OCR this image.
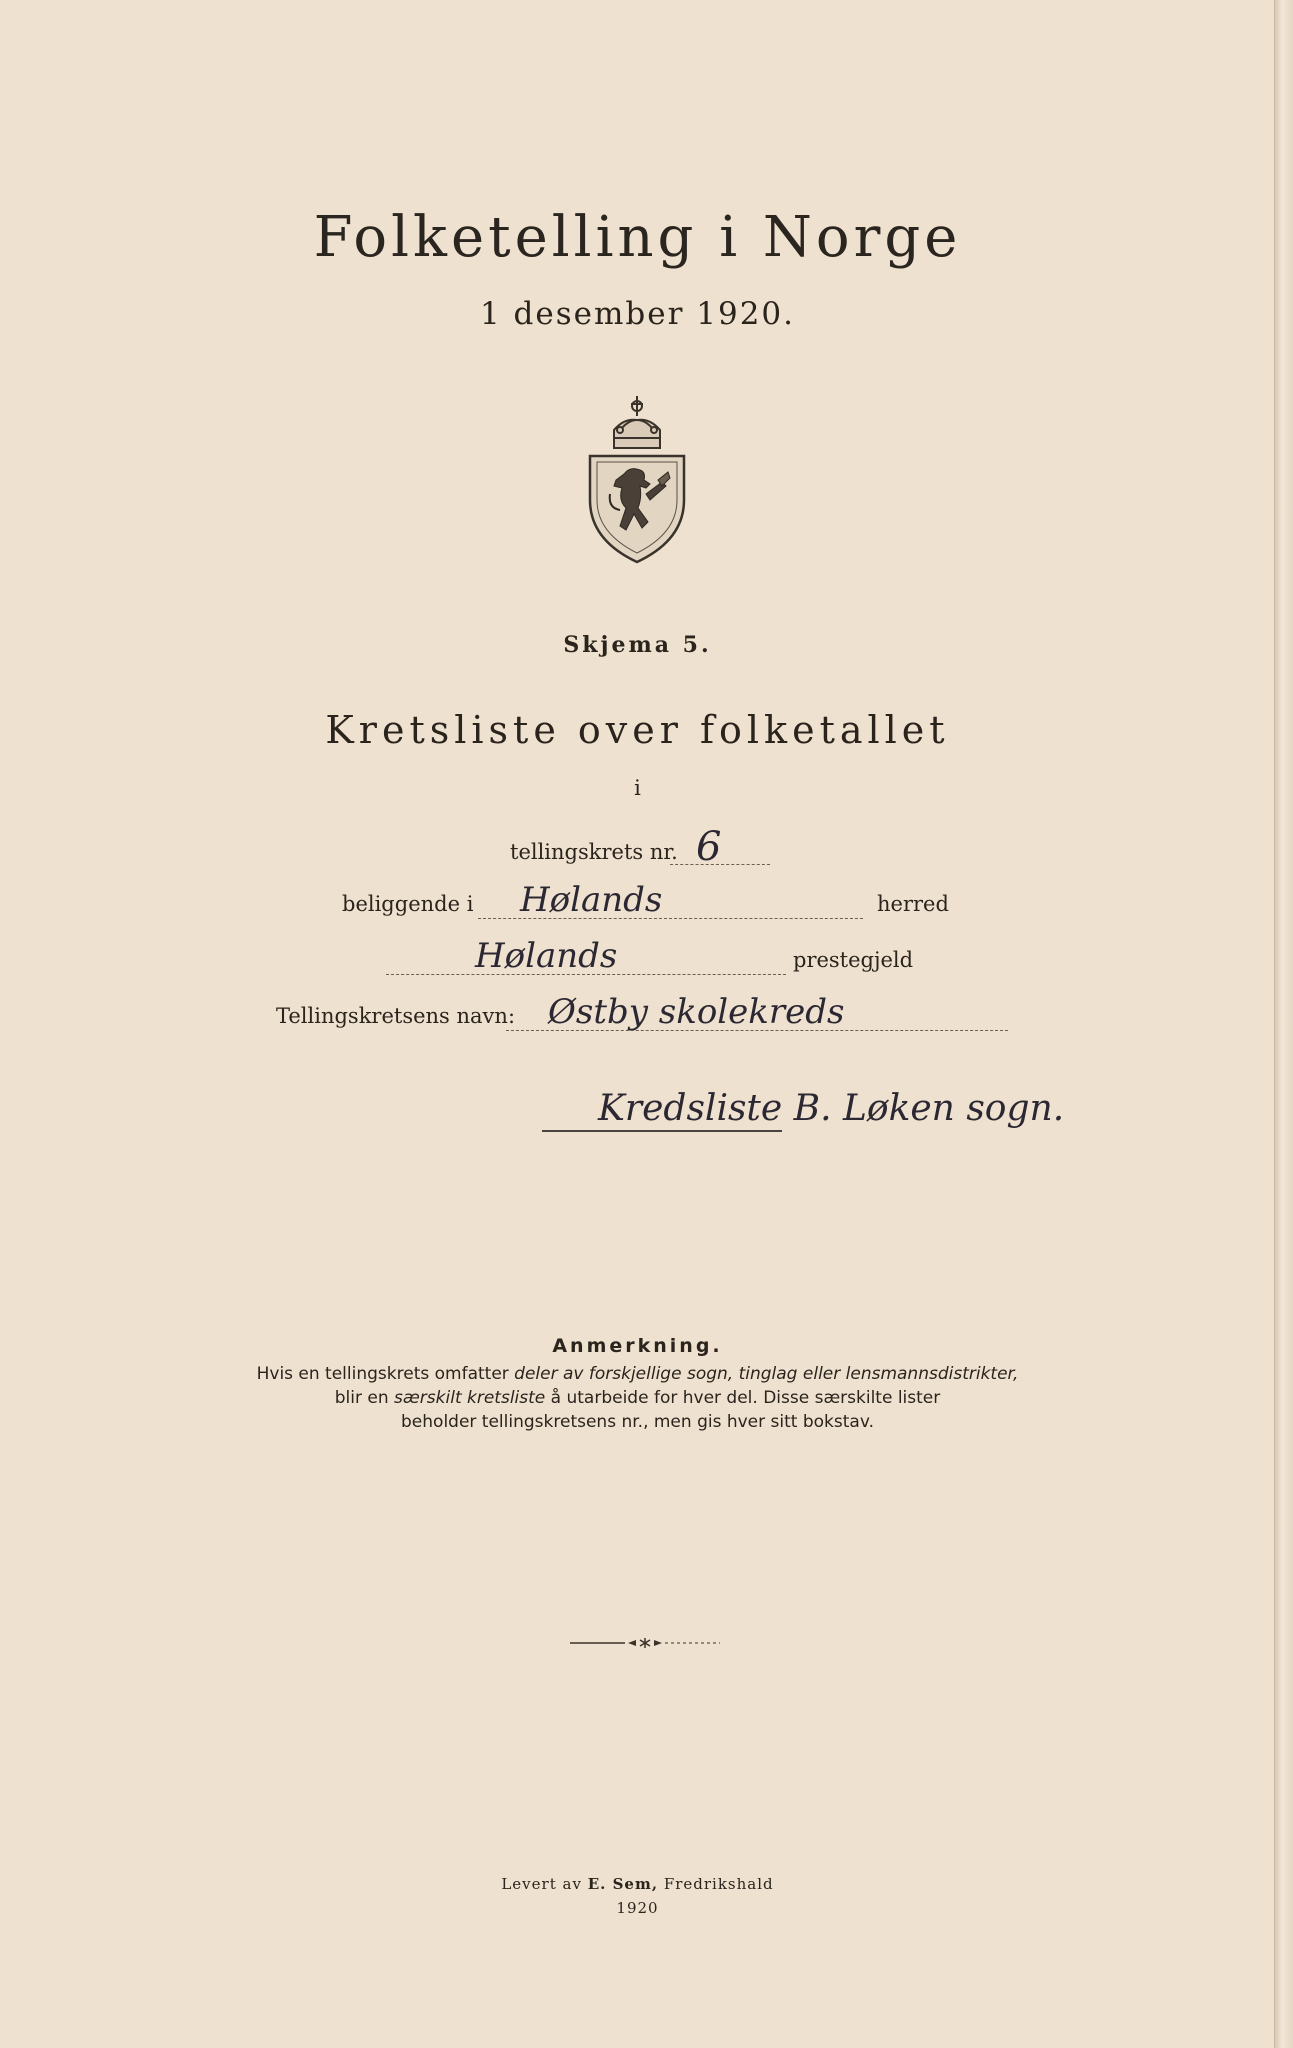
Folketelling i Norge
1 desember 1920.
Skjema 5.
Kretsliste over folketallet
i
tellingskrets nr. 6
beliggende i Hølands	herred
Hølands	prestegjeld
Tellingskretsens navn: Østby skolekreds
Kredsliste B. Løken sogn.
Anmerkning.
Hvis en tellingskrets omfatter deler av forskjellige sogn, tinglag eller lensmannsdistrikter,
blir en særskilt kretsliste å utarbeide for hver del. Disse særskilte lister
beholder tellingskretsens nr., men gis hver sitt bokstav.
Levert av E. Sem, Fredrikshald
1920
